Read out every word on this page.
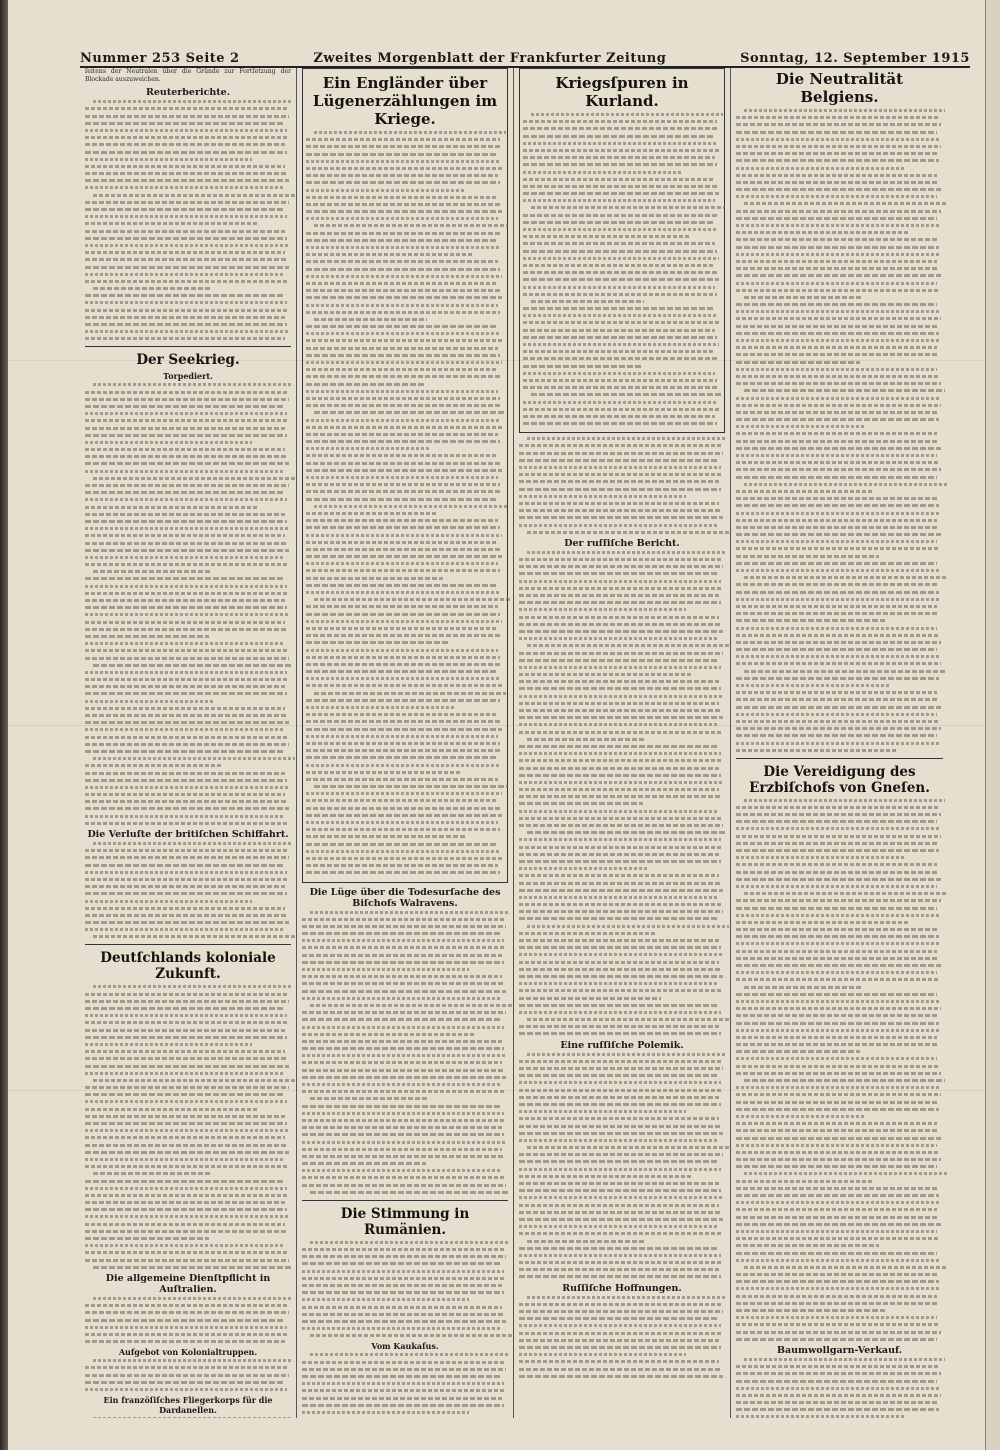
Nummer 253 Seite 2	Zweites Morgenblatt der Frankfurter Zeitung	Sonntag, 12. September 1915

ſeitens der Neutralen über die Gründe zur Fortſetzung der Blockade auszuweichen.

Reuterberichte.
Der Seekrieg.
Torpediert.
Die Verluſte der britiſchen Schiffahrt.
Deutſchlands koloniale Zukunft.
Die allgemeine Dienſtpflicht in Auſtralien.
Aufgebot von Kolonialtruppen.
Ein franzöſiſches Fliegerkorps für die Dardanellen.
Ein Engländer über Lügenerzählungen im Kriege.
Die Lüge über die Todesurſache des Biſchofs Walravens.
Die Stimmung in Rumänien.
Vom Kaukaſus.
Kriegsſpuren in Kurland.
Der ruſſiſche Bericht.
Eine ruſſiſche Polemik.
Ruſſiſche Hoffnungen.
Die Neutralität Belgiens.
Die Vereidigung des Erzbiſchofs von Gneſen.
Baumwollgarn-Verkauf.
